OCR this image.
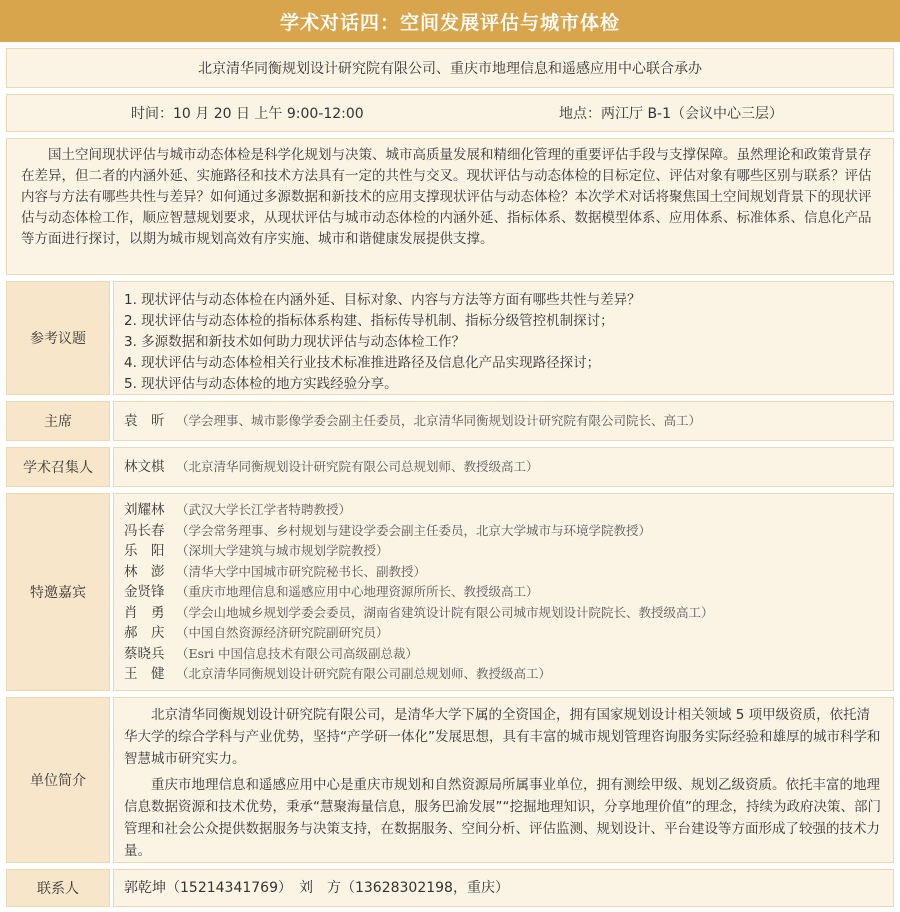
学术对话四：空间发展评估与城市体检
北京清华同衡规划设计研究院有限公司、重庆市地理信息和遥感应用中心联合承办
时间：10 月 20 日 上午 9:00-12:00	地点：两江厅 B-1（会议中心三层）
国土空间现状评估与城市动态体检是科学化规划与决策、城市高质量发展和精细化管理的重要评估手段与支撑保障。虽然理论和政策背景存在差异，但二者的内涵外延、实施路径和技术方法具有一定的共性与交叉。现状评估与动态体检的目标定位、评估对象有哪些区别与联系？评估内容与方法有哪些共性与差异？如何通过多源数据和新技术的应用支撑现状评估与动态体检？本次学术对话将聚焦国土空间规划背景下的现状评估与动态体检工作，顺应智慧规划要求，从现状评估与城市动态体检的内涵外延、指标体系、数据模型体系、应用体系、标准体系、信息化产品等方面进行探讨，以期为城市规划高效有序实施、城市和谐健康发展提供支撑。
参考议题
1. 现状评估与动态体检在内涵外延、目标对象、内容与方法等方面有哪些共性与差异？
2. 现状评估与动态体检的指标体系构建、指标传导机制、指标分级管控机制探讨；
3. 多源数据和新技术如何助力现状评估与动态体检工作？
4. 现状评估与动态体检相关行业技术标准推进路径及信息化产品实现路径探讨；
5. 现状评估与动态体检的地方实践经验分享。
主席	袁　昕 （学会理事、城市影像学委会副主任委员，北京清华同衡规划设计研究院有限公司院长、高工）
学术召集人	林文棋 （北京清华同衡规划设计研究院有限公司总规划师、教授级高工）
特邀嘉宾
刘耀林 （武汉大学长江学者特聘教授）
冯长春 （学会常务理事、乡村规划与建设学委会副主任委员，北京大学城市与环境学院教授）
乐　阳 （深圳大学建筑与城市规划学院教授）
林　澎 （清华大学中国城市研究院秘书长、副教授）
金贤锋 （重庆市地理信息和遥感应用中心地理资源所所长、教授级高工）
肖　勇 （学会山地城乡规划学委会委员，湖南省建筑设计院有限公司城市规划设计院院长、教授级高工）
郝　庆 （中国自然资源经济研究院副研究员）
蔡晓兵 （Esri 中国信息技术有限公司高级副总裁）
王　健 （北京清华同衡规划设计研究院有限公司副总规划师、教授级高工）
单位简介

北京清华同衡规划设计研究院有限公司，是清华大学下属的全资国企，拥有国家规划设计相关领域 5 项甲级资质，依托清华大学的综合学科与产业优势，坚持“产学研一体化”发展思想，具有丰富的城市规划管理咨询服务实际经验和雄厚的城市科学和智慧城市研究实力。

重庆市地理信息和遥感应用中心是重庆市规划和自然资源局所属事业单位，拥有测绘甲级、规划乙级资质。依托丰富的地理信息数据资源和技术优势，秉承“慧聚海量信息，服务巴渝发展”“挖掘地理知识，分享地理价值”的理念，持续为政府决策、部门管理和社会公众提供数据服务与决策支持，在数据服务、空间分析、评估监测、规划设计、平台建设等方面形成了较强的技术力量。

联系人	郭乾坤（15214341769）　刘　方（13628302198，重庆）
